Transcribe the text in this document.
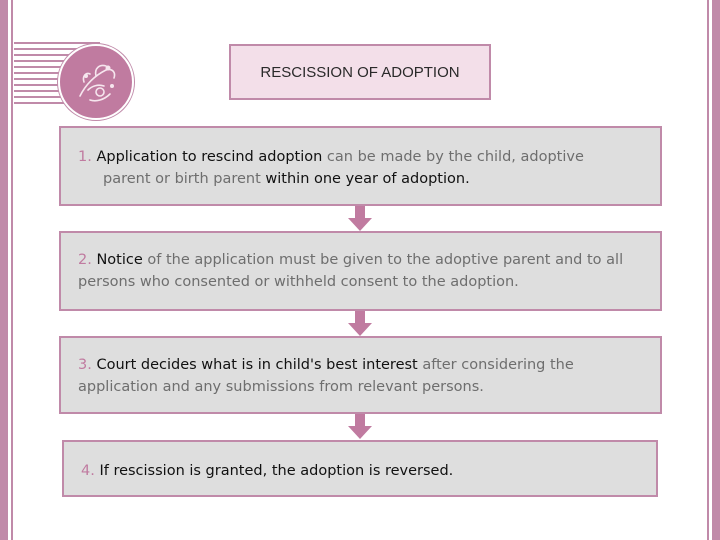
RESCISSION OF ADOPTION
1. Application to rescind adoption can be made by the child, adoptive
parent or birth parent within one year of adoption.
2. Notice of the application must be given to the adoptive parent and to all
persons who consented or withheld consent to the adoption.
3. Court decides what is in child's best interest after considering the
application and any submissions from relevant persons.
4. If rescission is granted, the adoption is reversed.
